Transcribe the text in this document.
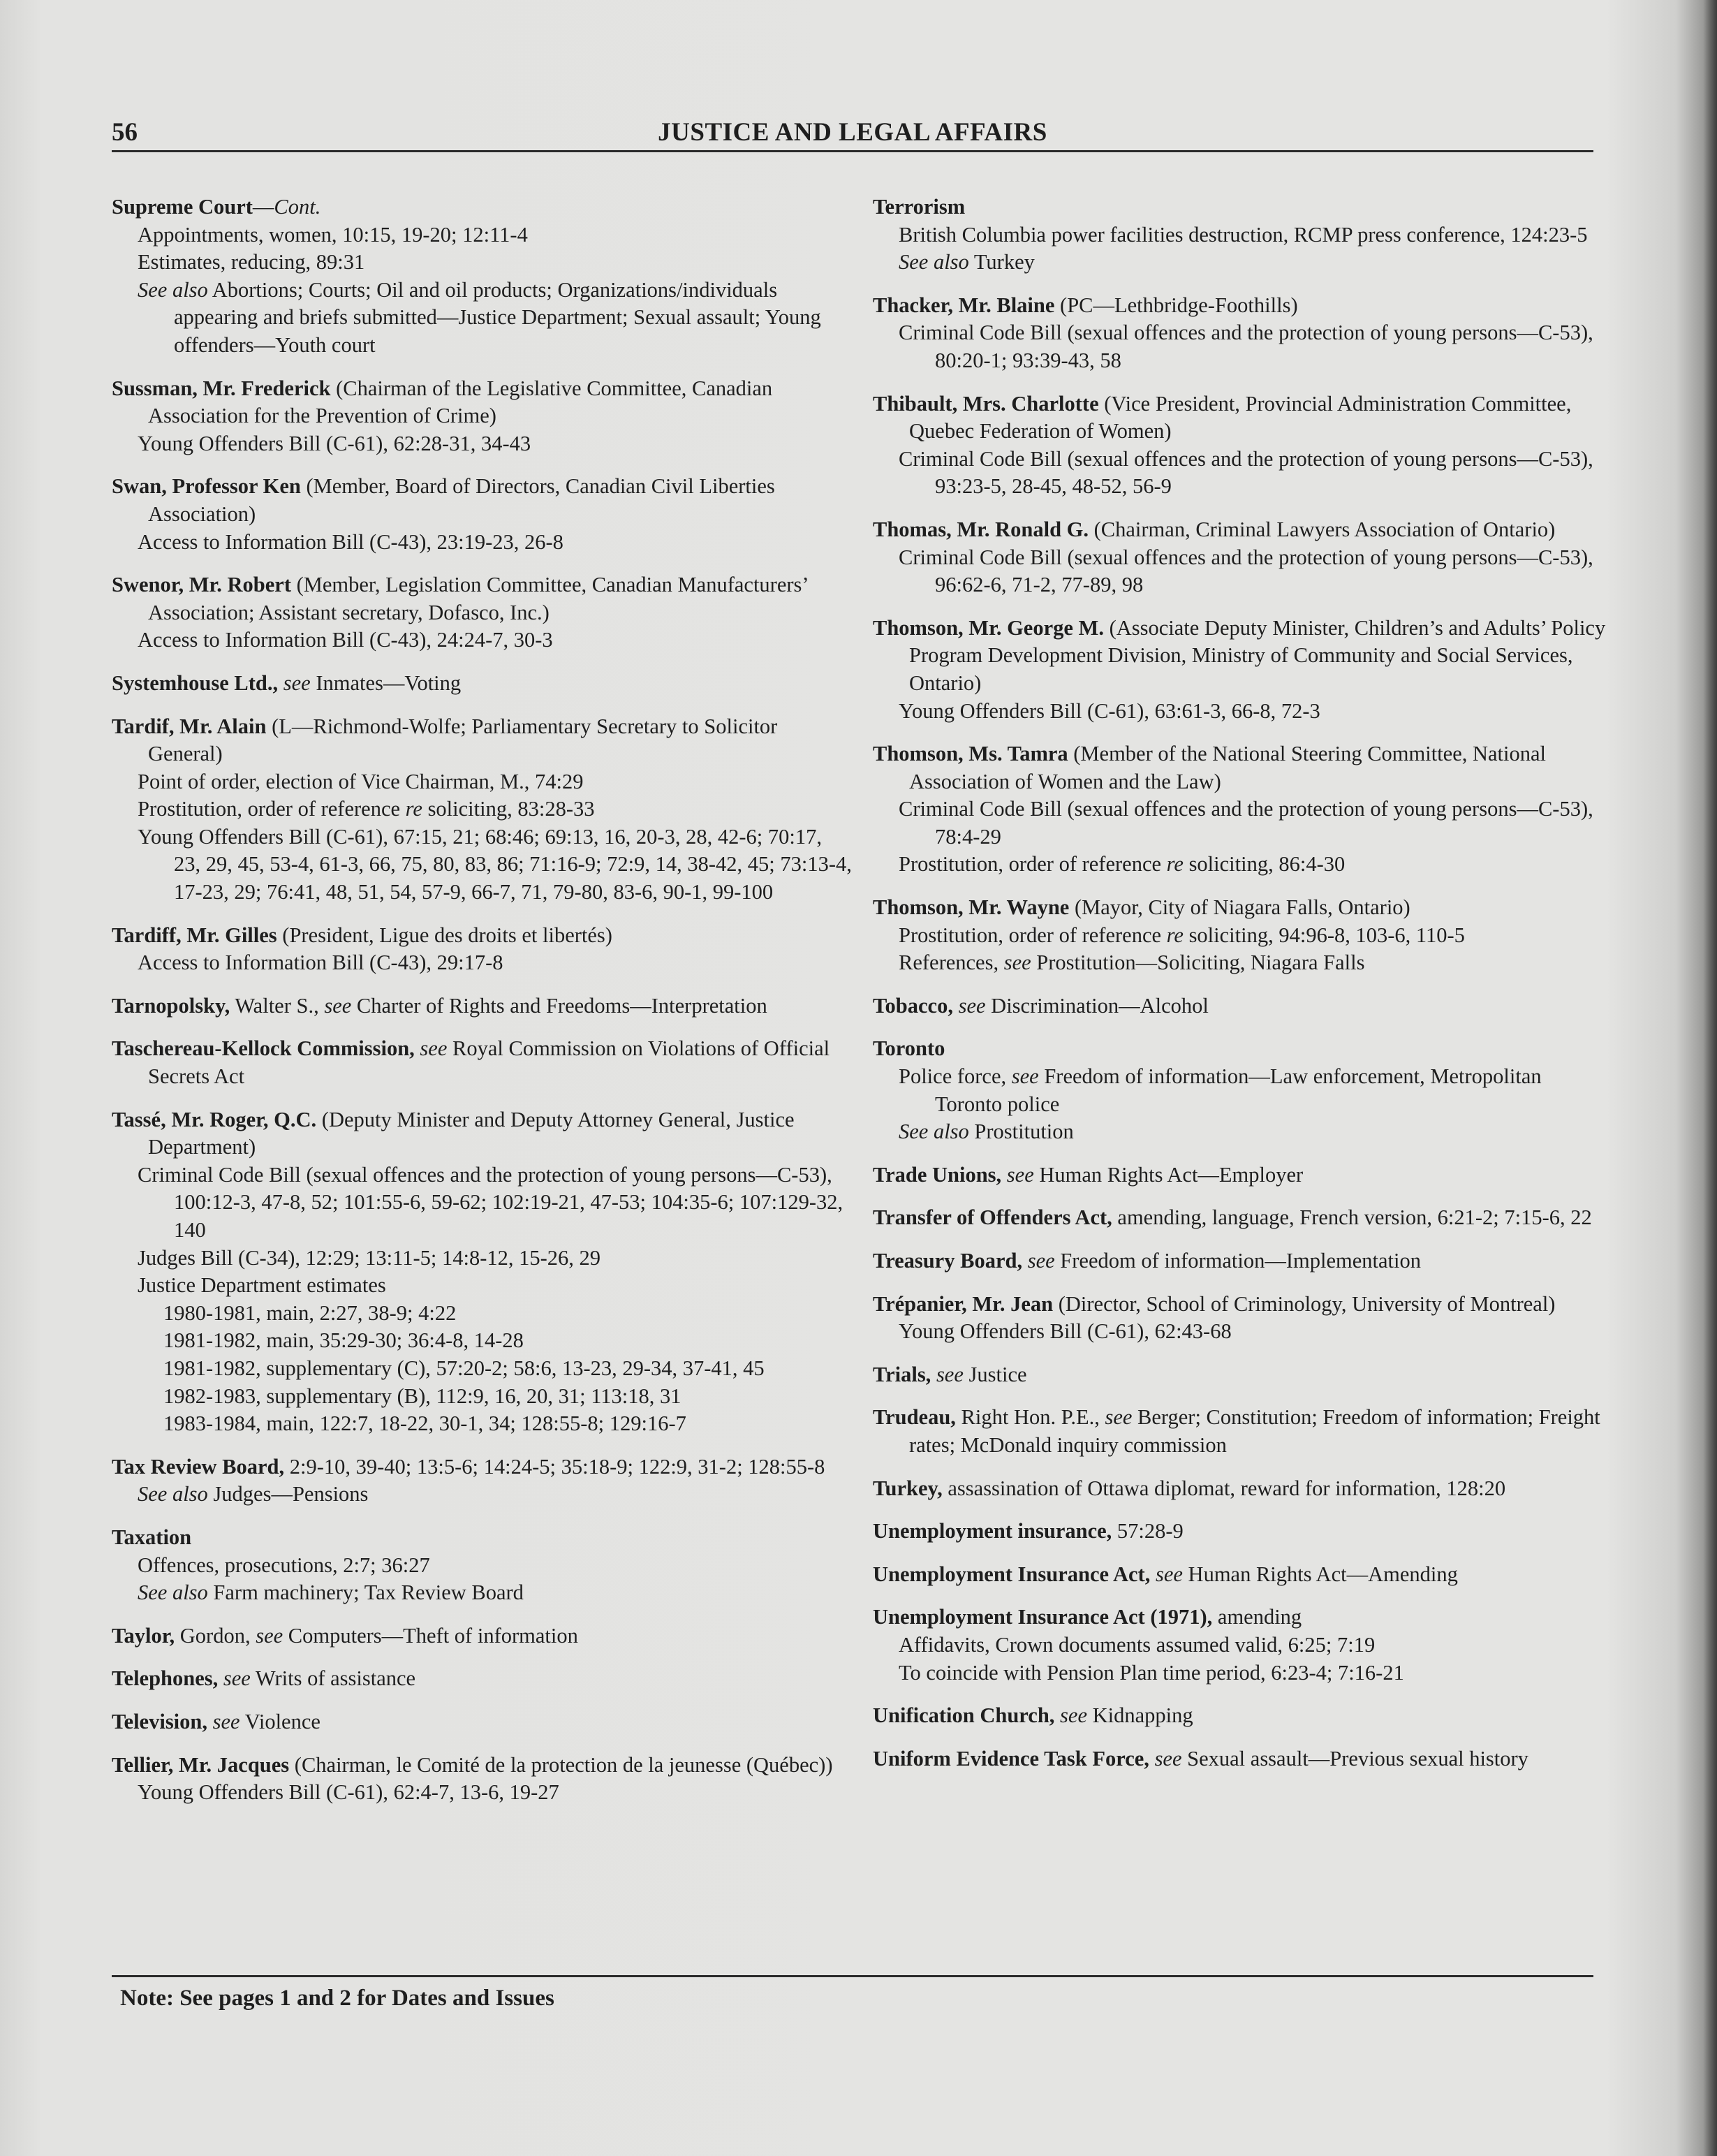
56	JUSTICE AND LEGAL AFFAIRS
Supreme Court—Cont.
Appointments, women, 10:15, 19-20; 12:11-4
Estimates, reducing, 89:31
See also Abortions; Courts; Oil and oil products; Organizations/individuals appearing and briefs submitted—Justice Department; Sexual assault; Young offenders—Youth court
Sussman, Mr. Frederick (Chairman of the Legislative Committee, Canadian Association for the Prevention of Crime)
Young Offenders Bill (C-61), 62:28-31, 34-43
Swan, Professor Ken (Member, Board of Directors, Canadian Civil Liberties Association)
Access to Information Bill (C-43), 23:19-23, 26-8
Swenor, Mr. Robert (Member, Legislation Committee, Canadian Manufacturers’ Association; Assistant secretary, Dofasco, Inc.)
Access to Information Bill (C-43), 24:24-7, 30-3
Systemhouse Ltd., see Inmates—Voting
Tardif, Mr. Alain (L—Richmond-Wolfe; Parliamentary Secretary to Solicitor General)
Point of order, election of Vice Chairman, M., 74:29
Prostitution, order of reference re soliciting, 83:28-33
Young Offenders Bill (C-61), 67:15, 21; 68:46; 69:13, 16, 20-3, 28, 42-6; 70:17, 23, 29, 45, 53-4, 61-3, 66, 75, 80, 83, 86; 71:16-9; 72:9, 14, 38-42, 45; 73:13-4, 17-23, 29; 76:41, 48, 51, 54, 57-9, 66-7, 71, 79-80, 83-6, 90-1, 99-100
Tardiff, Mr. Gilles (President, Ligue des droits et libertés)
Access to Information Bill (C-43), 29:17-8
Tarnopolsky, Walter S., see Charter of Rights and Freedoms—Interpretation
Taschereau-Kellock Commission, see Royal Commission on Violations of Official Secrets Act
Tassé, Mr. Roger, Q.C. (Deputy Minister and Deputy Attorney General, Justice Department)
Criminal Code Bill (sexual offences and the protection of young persons—C-53), 100:12-3, 47-8, 52; 101:55-6, 59-62; 102:19-21, 47-53; 104:35-6; 107:129-32, 140
Judges Bill (C-34), 12:29; 13:11-5; 14:8-12, 15-26, 29
Justice Department estimates
1980-1981, main, 2:27, 38-9; 4:22
1981-1982, main, 35:29-30; 36:4-8, 14-28
1981-1982, supplementary (C), 57:20-2; 58:6, 13-23, 29-34, 37-41, 45
1982-1983, supplementary (B), 112:9, 16, 20, 31; 113:18, 31
1983-1984, main, 122:7, 18-22, 30-1, 34; 128:55-8; 129:16-7
Tax Review Board, 2:9-10, 39-40; 13:5-6; 14:24-5; 35:18-9; 122:9, 31-2; 128:55-8
See also Judges—Pensions
Taxation
Offences, prosecutions, 2:7; 36:27
See also Farm machinery; Tax Review Board
Taylor, Gordon, see Computers—Theft of information
Telephones, see Writs of assistance
Television, see Violence
Tellier, Mr. Jacques (Chairman, le Comité de la protection de la jeunesse (Québec))
Young Offenders Bill (C-61), 62:4-7, 13-6, 19-27
Terrorism
British Columbia power facilities destruction, RCMP press conference, 124:23-5
See also Turkey
Thacker, Mr. Blaine (PC—Lethbridge-Foothills)
Criminal Code Bill (sexual offences and the protection of young persons—C-53), 80:20-1; 93:39-43, 58
Thibault, Mrs. Charlotte (Vice President, Provincial Administration Committee, Quebec Federation of Women)
Criminal Code Bill (sexual offences and the protection of young persons—C-53), 93:23-5, 28-45, 48-52, 56-9
Thomas, Mr. Ronald G. (Chairman, Criminal Lawyers Association of Ontario)
Criminal Code Bill (sexual offences and the protection of young persons—C-53), 96:62-6, 71-2, 77-89, 98
Thomson, Mr. George M. (Associate Deputy Minister, Children’s and Adults’ Policy Program Development Division, Ministry of Community and Social Services, Ontario)
Young Offenders Bill (C-61), 63:61-3, 66-8, 72-3
Thomson, Ms. Tamra (Member of the National Steering Committee, National Association of Women and the Law)
Criminal Code Bill (sexual offences and the protection of young persons—C-53), 78:4-29
Prostitution, order of reference re soliciting, 86:4-30
Thomson, Mr. Wayne (Mayor, City of Niagara Falls, Ontario)
Prostitution, order of reference re soliciting, 94:96-8, 103-6, 110-5
References, see Prostitution—Soliciting, Niagara Falls
Tobacco, see Discrimination—Alcohol
Toronto
Police force, see Freedom of information—Law enforcement, Metropolitan Toronto police
See also Prostitution
Trade Unions, see Human Rights Act—Employer
Transfer of Offenders Act, amending, language, French version, 6:21-2; 7:15-6, 22
Treasury Board, see Freedom of information—Implementation
Trépanier, Mr. Jean (Director, School of Criminology, University of Montreal)
Young Offenders Bill (C-61), 62:43-68
Trials, see Justice
Trudeau, Right Hon. P.E., see Berger; Constitution; Freedom of information; Freight rates; McDonald inquiry commission
Turkey, assassination of Ottawa diplomat, reward for information, 128:20
Unemployment insurance, 57:28-9
Unemployment Insurance Act, see Human Rights Act—Amending
Unemployment Insurance Act (1971), amending
Affidavits, Crown documents assumed valid, 6:25; 7:19
To coincide with Pension Plan time period, 6:23-4; 7:16-21
Unification Church, see Kidnapping
Uniform Evidence Task Force, see Sexual assault—Previous sexual history
Note: See pages 1 and 2 for Dates and Issues
